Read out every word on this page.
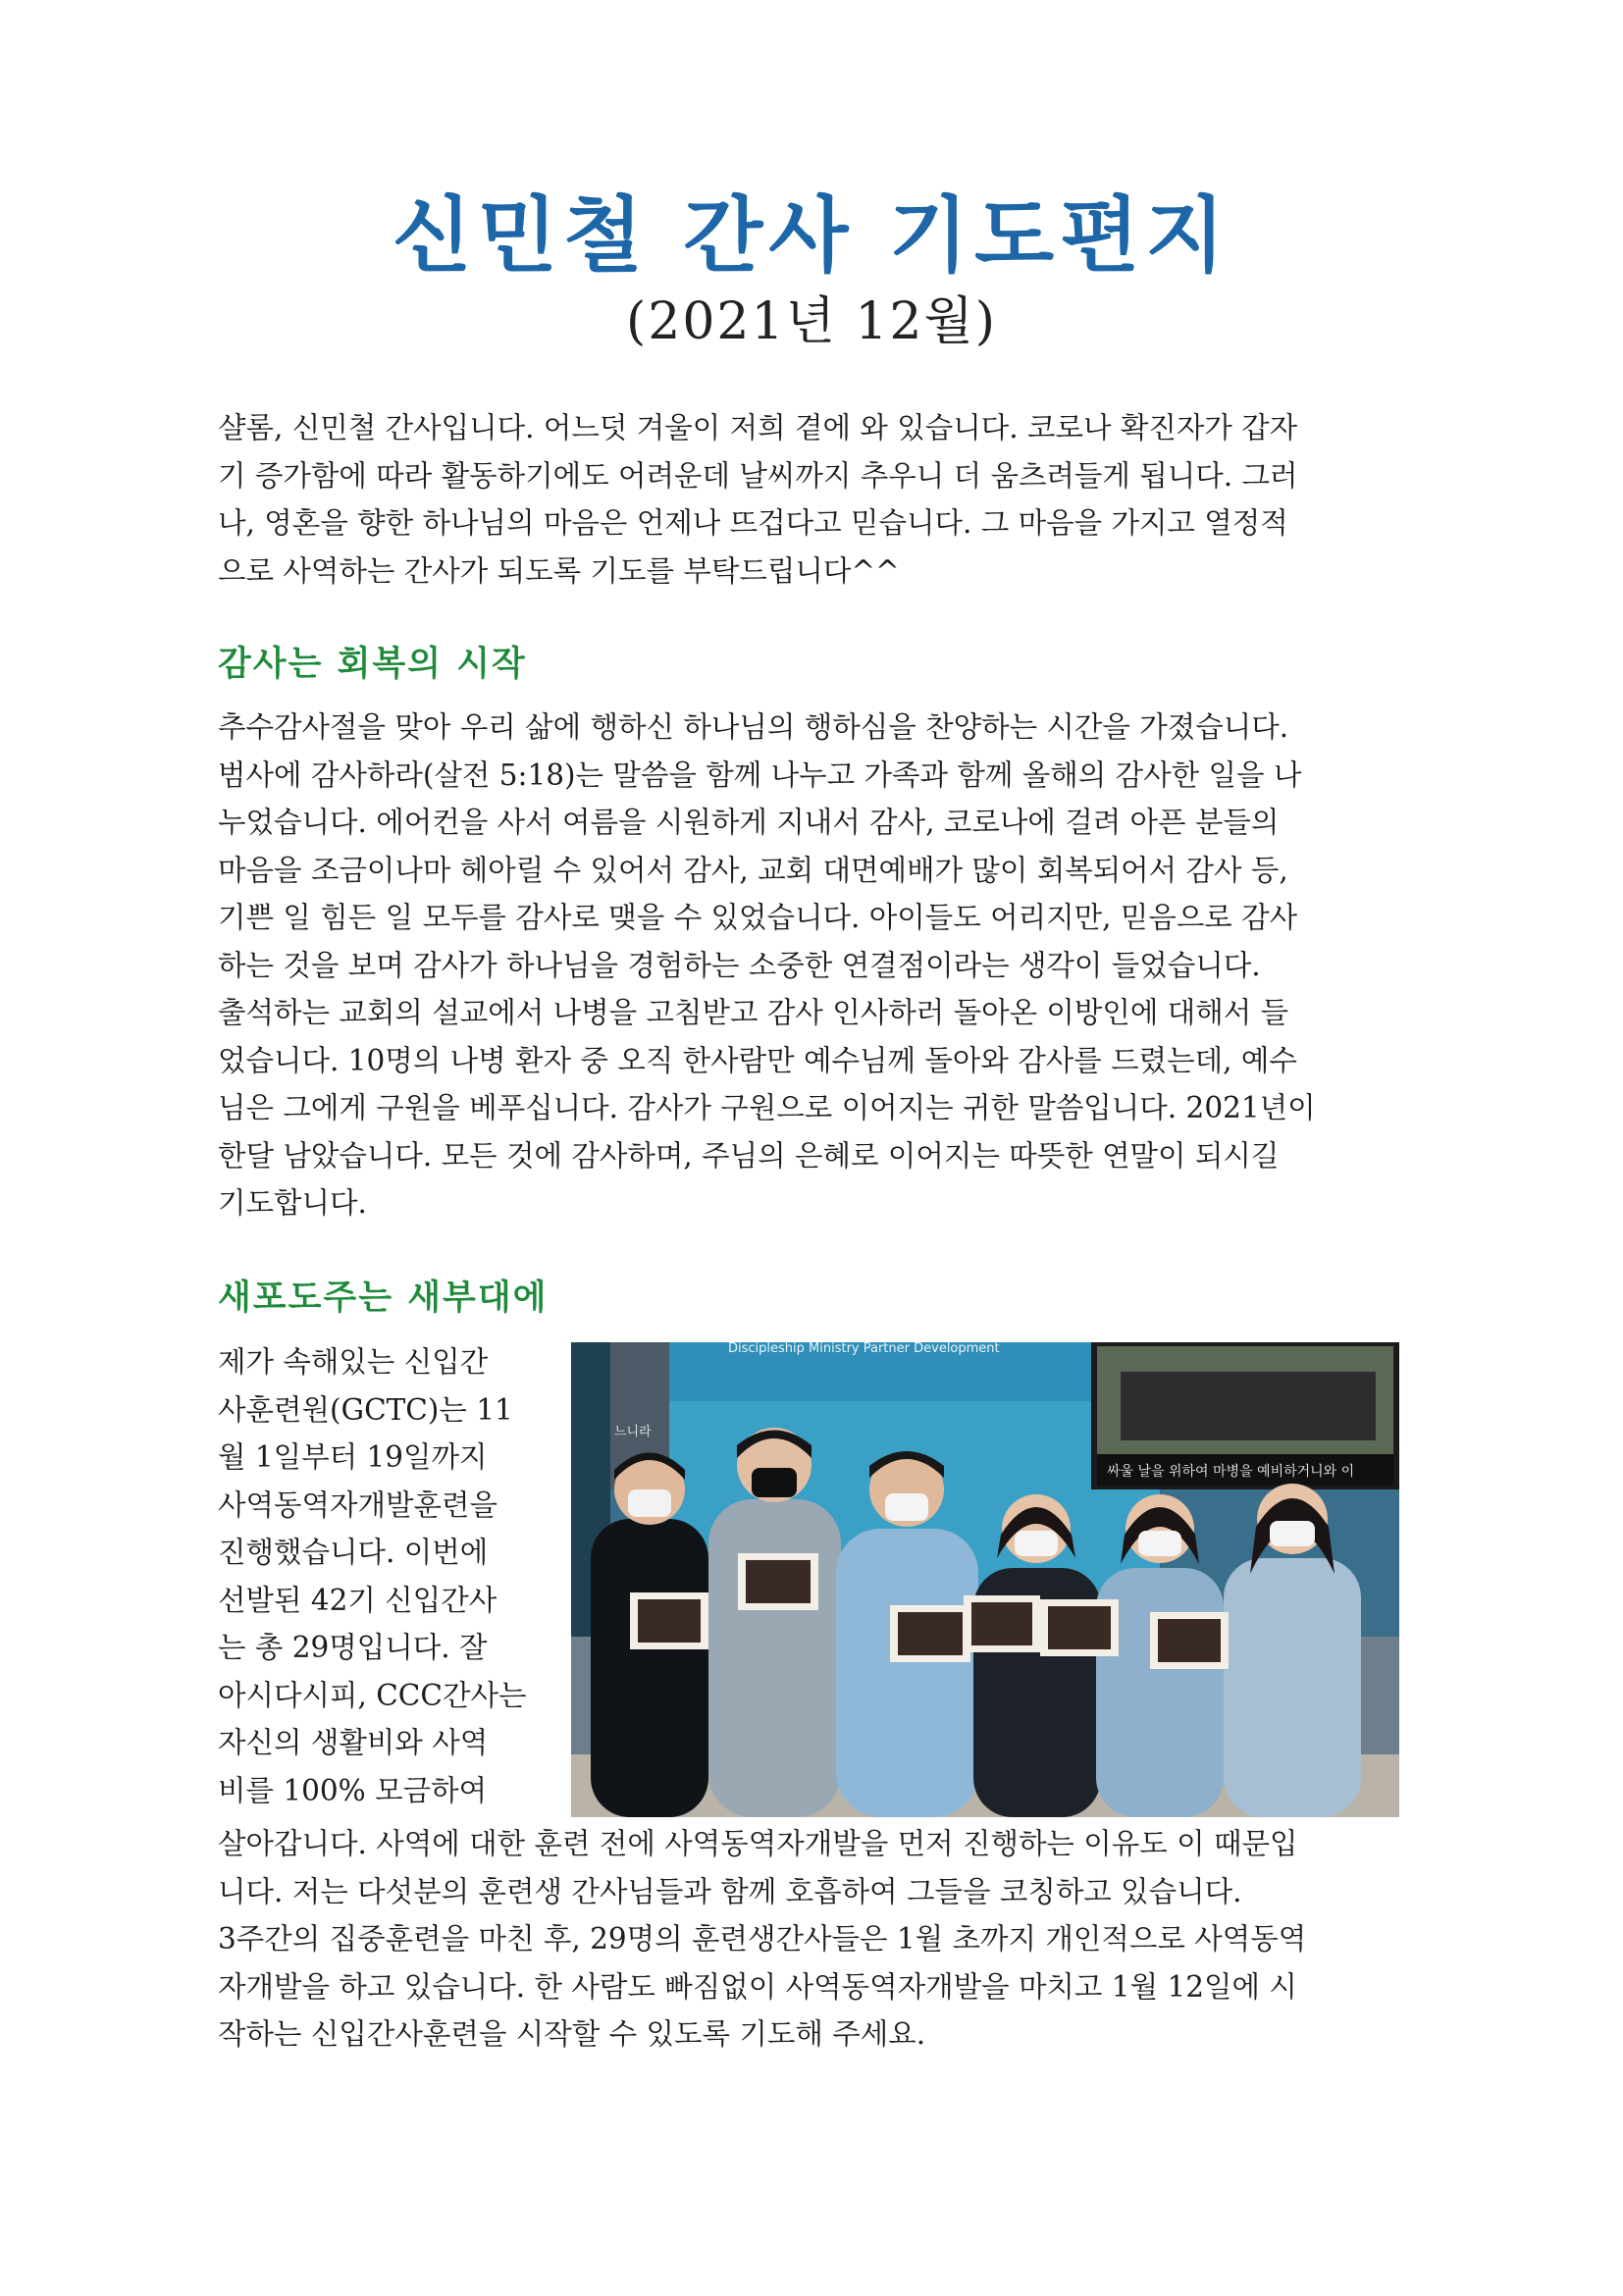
신민철 간사 기도편지
(2021년 12월)
샬롬, 신민철 간사입니다. 어느덧 겨울이 저희 곁에 와 있습니다. 코로나 확진자가 갑자
기 증가함에 따라 활동하기에도 어려운데 날씨까지 추우니 더 움츠려들게 됩니다. 그러
나, 영혼을 향한 하나님의 마음은 언제나 뜨겁다고 믿습니다. 그 마음을 가지고 열정적
으로 사역하는 간사가 되도록 기도를 부탁드립니다^^
감사는 회복의 시작
추수감사절을 맞아 우리 삶에 행하신 하나님의 행하심을 찬양하는 시간을 가졌습니다.
범사에 감사하라(살전 5:18)는 말씀을 함께 나누고 가족과 함께 올해의 감사한 일을 나
누었습니다. 에어컨을 사서 여름을 시원하게 지내서 감사, 코로나에 걸려 아픈 분들의
마음을 조금이나마 헤아릴 수 있어서 감사, 교회 대면예배가 많이 회복되어서 감사 등,
기쁜 일 힘든 일 모두를 감사로 맺을 수 있었습니다. 아이들도 어리지만, 믿음으로 감사
하는 것을 보며 감사가 하나님을 경험하는 소중한 연결점이라는 생각이 들었습니다.
출석하는 교회의 설교에서 나병을 고침받고 감사 인사하러 돌아온 이방인에 대해서 들
었습니다. 10명의 나병 환자 중 오직 한사람만 예수님께 돌아와 감사를 드렸는데, 예수
님은 그에게 구원을 베푸십니다. 감사가 구원으로 이어지는 귀한 말씀입니다. 2021년이
한달 남았습니다. 모든 것에 감사하며, 주님의 은혜로 이어지는 따뜻한 연말이 되시길
기도합니다.
새포도주는 새부대에
제가 속해있는 신입간
사훈련원(GCTC)는 11
월 1일부터 19일까지
사역동역자개발훈련을
진행했습니다. 이번에
선발된 42기 신입간사
는 총 29명입니다. 잘
아시다시피, CCC간사는
자신의 생활비와 사역
비를 100% 모금하여
Discipleship Ministry Partner Development
싸울 날을 위하여 마병을 예비하거니와 이
느니라
살아갑니다. 사역에 대한 훈련 전에 사역동역자개발을 먼저 진행하는 이유도 이 때문입
니다. 저는 다섯분의 훈련생 간사님들과 함께 호흡하여 그들을 코칭하고 있습니다.
3주간의 집중훈련을 마친 후, 29명의 훈련생간사들은 1월 초까지 개인적으로 사역동역
자개발을 하고 있습니다. 한 사람도 빠짐없이 사역동역자개발을 마치고 1월 12일에 시
작하는 신입간사훈련을 시작할 수 있도록 기도해 주세요.
